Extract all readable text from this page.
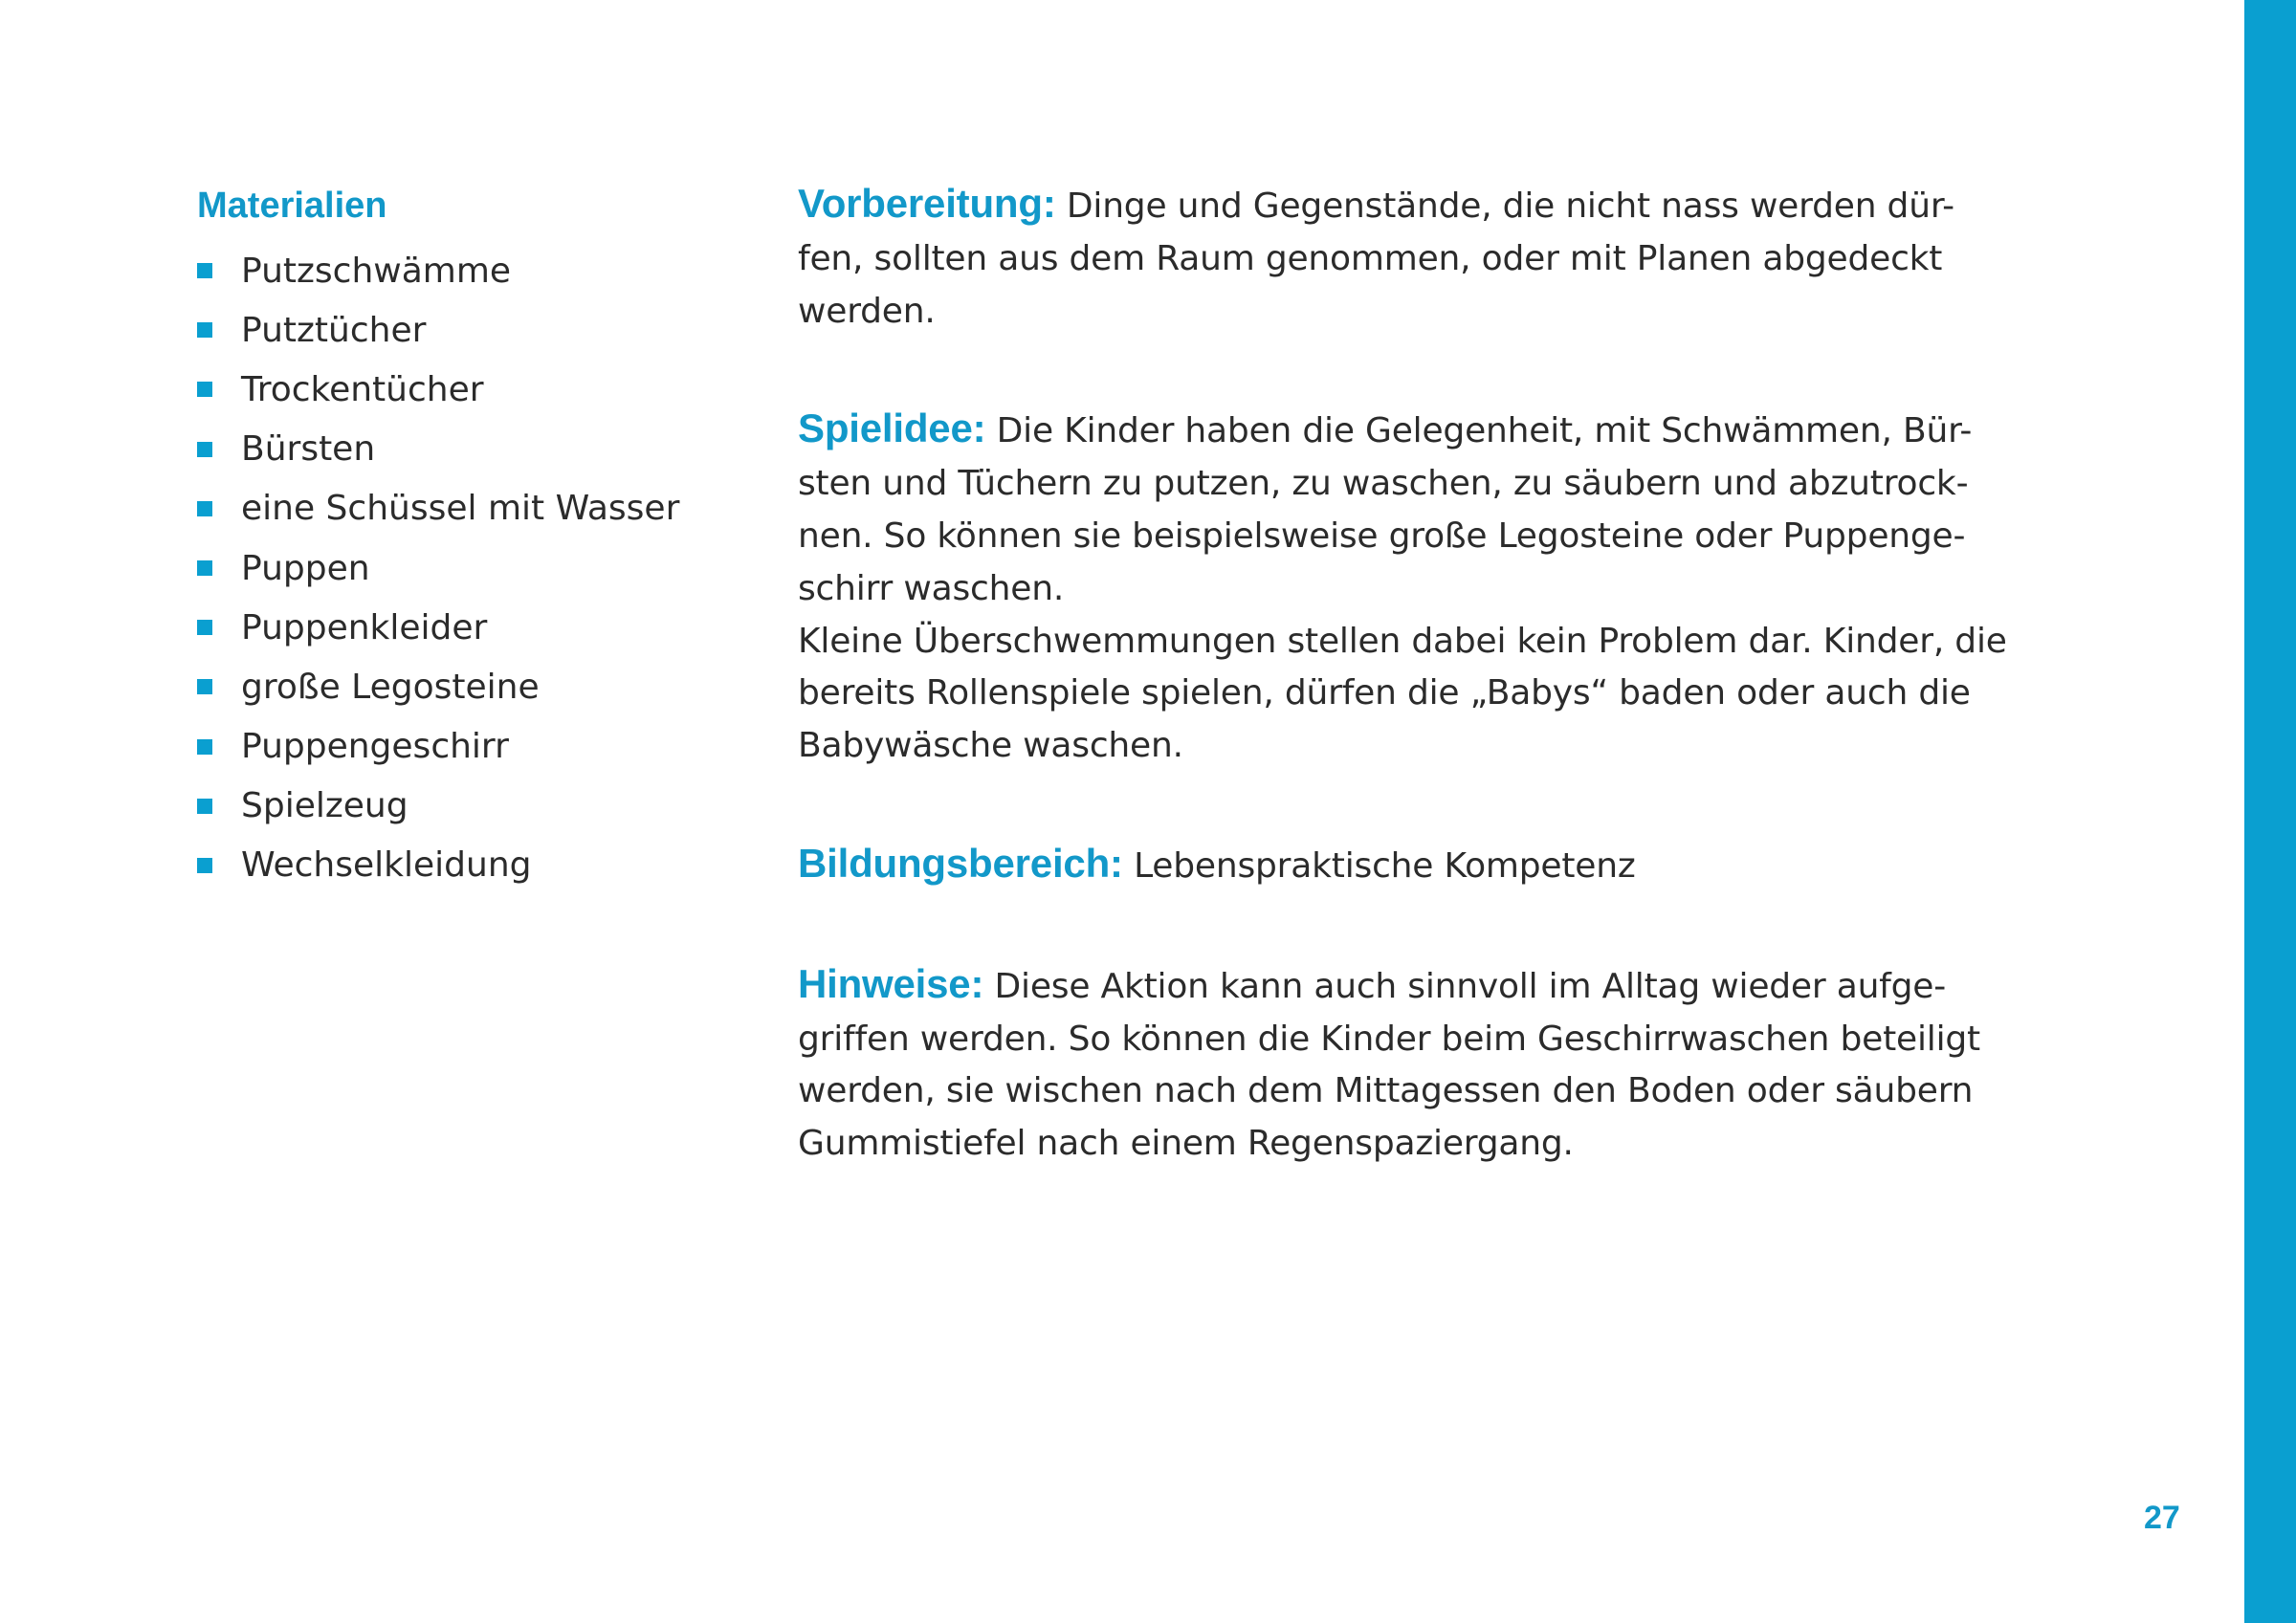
Materialien
Putzschwämme
Putztücher
Trockentücher
Bürsten
eine Schüssel mit Wasser
Puppen
Puppenkleider
große Legosteine
Puppengeschirr
Spielzeug
Wechselkleidung

Vorbereitung: Dinge und Gegenstände, die nicht nass werden dür-
fen, sollten aus dem Raum genommen, oder mit Planen abgedeckt
werden.

Spielidee: Die Kinder haben die Gelegenheit, mit Schwämmen, Bür-
sten und Tüchern zu putzen, zu waschen, zu säubern und abzutrock-
nen. So können sie beispielsweise große Legosteine oder Puppenge-
schirr waschen.
Kleine Überschwemmungen stellen dabei kein Problem dar. Kinder, die
bereits Rollenspiele spielen, dürfen die „Babys“ baden oder auch die
Babywäsche waschen.

Bildungsbereich: Lebenspraktische Kompetenz

Hinweise: Diese Aktion kann auch sinnvoll im Alltag wieder aufge-
griffen werden. So können die Kinder beim Geschirrwaschen beteiligt
werden, sie wischen nach dem Mittagessen den Boden oder säubern
Gummistiefel nach einem Regenspaziergang.

27
